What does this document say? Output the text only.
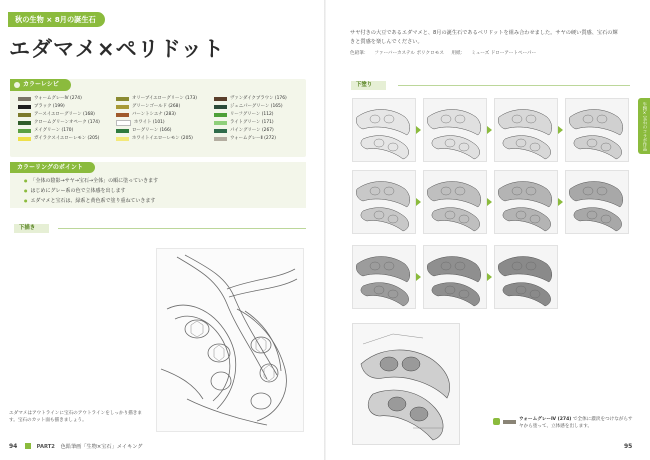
秋の生物 × 8月の誕生石
エダマメ×ペリドット
カラーレシピ
ウォームグレーⅣ (274)	オリーブイエローグリーン (173)	ヴァンダイクブラウン (176)
ブラック (199)	グリーンゴールド (268)	ジュニパーグリーン (165)
アースイエローグリーン (168)	バーントシエナ (283)	リーフグリーン (112)
クロームグリーンオペーク (174)	ホワイト (101)	ライトグリーン (171)
メイグリーン (170)	ローグリーン (166)	パイングリーン (267)
ガイラクスイエローレモン (205)	ホワイトイエローレモン (205)	ウォームグレーⅡ (272)
カラーリングのポイント
● 「全体の陰影→サヤ→宝石→全体」の順に塗っていきます
● はじめにグレー系の色で立体感を出します
● エダマメと宝石は、緑系と黄色系で塗り重ねていきます
下描き
エダマメはアウトラインに宝石のアウトラインをしっかり描きます。宝石のカット面も描きましょう。
94	PART2 色鉛筆画「生物×宝石」メイキング

サヤ付きの大豆であるエダマメと、8月の誕生石であるペリドットを組み合わせました。サヤの硬い質感、宝石の輝きと質感を楽しんでください。

色鉛筆： ファーバーカステル ポリクロモス 用紙： ミューズ ドローアートペーパー
生物×宝石のコラボ作品
下塗り
ウォームグレーⅣ (274) で全体に濃淡をつけながらサヤから塗って、立体感を出します。
95
